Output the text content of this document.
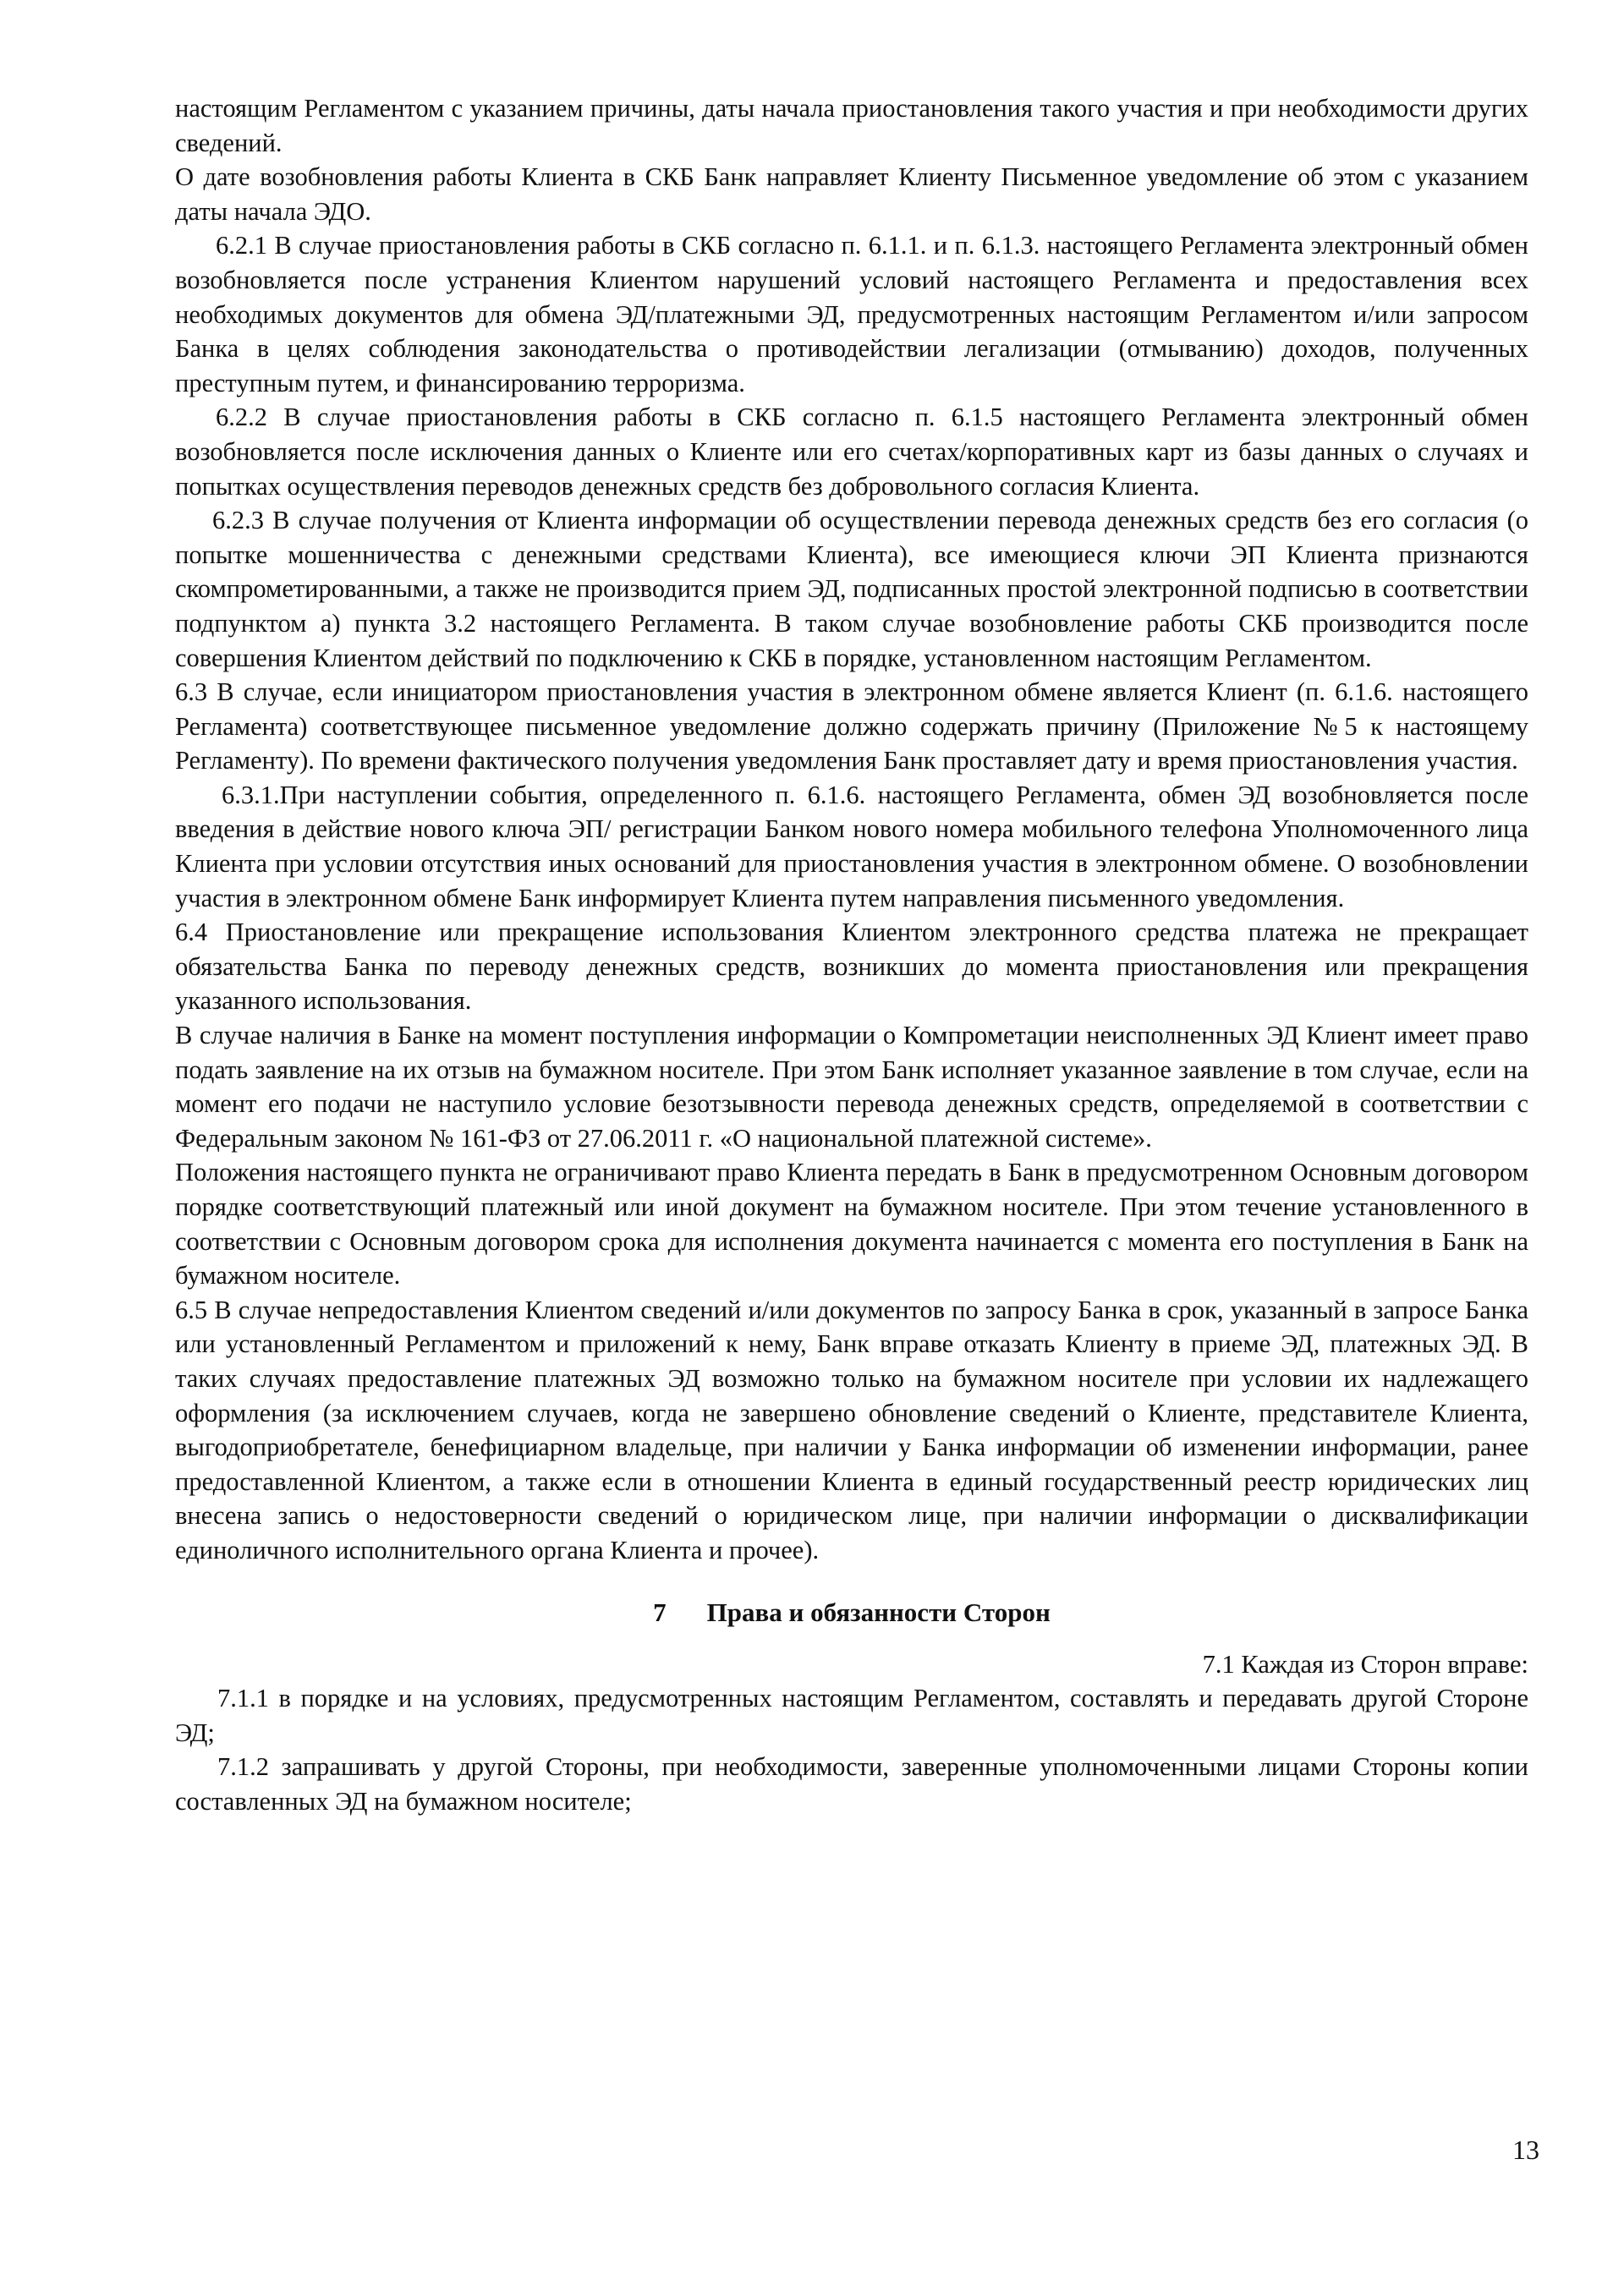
настоящим Регламентом с указанием причины, даты начала приостановления такого участия и при необходимости других сведений.

О дате возобновления работы Клиента в СКБ Банк направляет Клиенту Письменное уведомление об этом с указанием даты начала ЭДО.

6.2.1 В случае приостановления работы в СКБ согласно п. 6.1.1. и п. 6.1.3. настоящего Регламента электронный обмен возобновляется после устранения Клиентом нарушений условий настоящего Регламента и предоставления всех необходимых документов для обмена ЭД/платежными ЭД, предусмотренных настоящим Регламентом и/или запросом Банка в целях соблюдения законодательства о противодействии легализации (отмыванию) доходов, полученных преступным путем, и финансированию терроризма.

6.2.2 В случае приостановления работы в СКБ согласно п. 6.1.5 настоящего Регламента электронный обмен возобновляется после исключения данных о Клиенте или его счетах/корпоративных карт из базы данных о случаях и попытках осуществления переводов денежных средств без добровольного согласия Клиента.

6.2.3 В случае получения от Клиента информации об осуществлении перевода денежных средств без его согласия (о попытке мошенничества с денежными средствами Клиента), все имеющиеся ключи ЭП Клиента признаются скомпрометированными, а также не производится прием ЭД, подписанных простой электронной подписью в соответствии подпунктом а) пункта 3.2 настоящего Регламента. В таком случае возобновление работы СКБ производится после совершения Клиентом действий по подключению к СКБ в порядке, установленном настоящим Регламентом.

6.3 В случае, если инициатором приостановления участия в электронном обмене является Клиент (п. 6.1.6. настоящего Регламента) соответствующее письменное уведомление должно содержать причину (Приложение №5 к настоящему Регламенту). По времени фактического получения уведомления Банк проставляет дату и время приостановления участия.

6.3.1.При наступлении события, определенного п. 6.1.6. настоящего Регламента, обмен ЭД возобновляется после введения в действие нового ключа ЭП/ регистрации Банком нового номера мобильного телефона Уполномоченного лица Клиента при условии отсутствия иных оснований для приостановления участия в электронном обмене. О возобновлении участия в электронном обмене Банк информирует Клиента путем направления письменного уведомления.

6.4 Приостановление или прекращение использования Клиентом электронного средства платежа не прекращает обязательства Банка по переводу денежных средств, возникших до момента приостановления или прекращения указанного использования.

В случае наличия в Банке на момент поступления информации о Компрометации неисполненных ЭД Клиент имеет право подать заявление на их отзыв на бумажном носителе. При этом Банк исполняет указанное заявление в том случае, если на момент его подачи не наступило условие безотзывности перевода денежных средств, определяемой в соответствии с Федеральным законом № 161-ФЗ от 27.06.2011 г. «О национальной платежной системе».

Положения настоящего пункта не ограничивают право Клиента передать в Банк в предусмотренном Основным договором порядке соответствующий платежный или иной документ на бумажном носителе. При этом течение установленного в соответствии с Основным договором срока для исполнения документа начинается с момента его поступления в Банк на бумажном носителе.

6.5 В случае непредоставления Клиентом сведений и/или документов по запросу Банка в срок, указанный в запросе Банка или установленный Регламентом и приложений к нему, Банк вправе отказать Клиенту в приеме ЭД, платежных ЭД. В таких случаях предоставление платежных ЭД возможно только на бумажном носителе при условии их надлежащего оформления (за исключением случаев, когда не завершено обновление сведений о Клиенте, представителе Клиента, выгодоприобретателе, бенефициарном владельце, при наличии у Банка информации об изменении информации, ранее предоставленной Клиентом, а также если в отношении Клиента в единый государственный реестр юридических лиц внесена запись о недостоверности сведений о юридическом лице, при наличии информации о дисквалификации единоличного исполнительного органа Клиента и прочее).

7 Права и обязанности Сторон

7.1 Каждая из Сторон вправе:

7.1.1 в порядке и на условиях, предусмотренных настоящим Регламентом, составлять и передавать другой Стороне ЭД;

7.1.2 запрашивать у другой Стороны, при необходимости, заверенные уполномоченными лицами Стороны копии составленных ЭД на бумажном носителе;

13
